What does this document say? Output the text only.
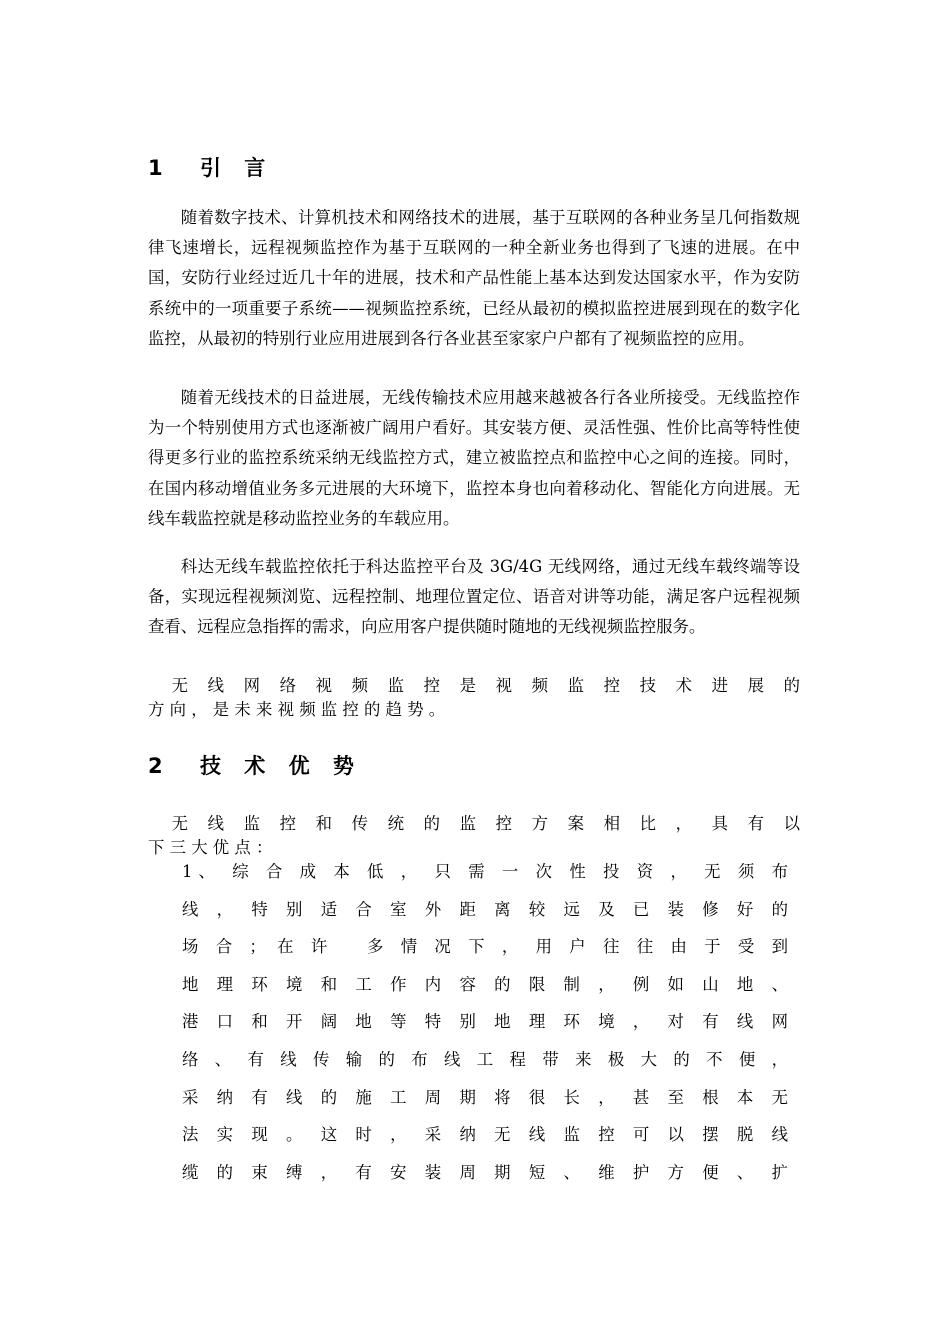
1 引 言

随着数字技术、计算机技术和网络技术的进展，基于互联网的各种业务呈几何指数规律飞速增长，远程视频监控作为基于互联网的一种全新业务也得到了飞速的进展。在中国，安防行业经过近几十年的进展，技术和产品性能上基本达到发达国家水平，作为安防系统中的一项重要子系统——视频监控系统，已经从最初的模拟监控进展到现在的数字化监控，从最初的特别行业应用进展到各行各业甚至家家户户都有了视频监控的应用。

随着无线技术的日益进展，无线传输技术应用越来越被各行各业所接受。无线监控作为一个特别使用方式也逐渐被广阔用户看好。其安装方便、灵活性强、性价比高等特性使得更多行业的监控系统采纳无线监控方式，建立被监控点和监控中心之间的连接。同时，在国内移动增值业务多元进展的大环境下，监控本身也向着移动化、智能化方向进展。无线车载监控就是移动监控业务的车载应用。

科达无线车载监控依托于科达监控平台及 3G/4G 无线网络，通过无线车载终端等设备，实现远程视频浏览、远程控制、地理位置定位、语音对讲等功能，满足客户远程视频查看、远程应急指挥的需求，向应用客户提供随时随地的无线视频监控服务。

　无 线 网 络 视 频 监 控 是 视 频 监 控 技 术 进 展 的
方 向 ， 是 未 来 视 频 监 控 的 趋 势 。

2 技 术 优 势

　无 线 监 控 和 传 统 的 监 控 方 案 相 比 ， 具 有 以
下 三 大 优 点 ：

1、 综 合 成 本 低 ， 只 需 一 次 性 投 资 ， 无 须 布
线 ， 特 别 适 合 室 外 距 离 较 远 及 已 装 修 好 的
场 合 ； 在 许 　多 情 况 下 ， 用 户 往 往 由 于 受 到
地 理 环 境 和 工 作 内 容 的 限 制 ， 例 如 山 地 、
港 口 和 开 阔 地 等 特 别 地 理 环 境 ， 对 有 线 网
络 、 有 线 传 输 的 布 线 工 程 带 来 极 大 的 不 便 ，
采 纳 有 线 的 施 工 周 期 将 很 长 ， 甚 至 根 本 无
法 实 现 。 这 时 ， 采 纳 无 线 监 控 可 以 摆 脱 线
缆 的 束 缚 ， 有 安 装 周 期 短 、 维 护 方 便 、 扩
